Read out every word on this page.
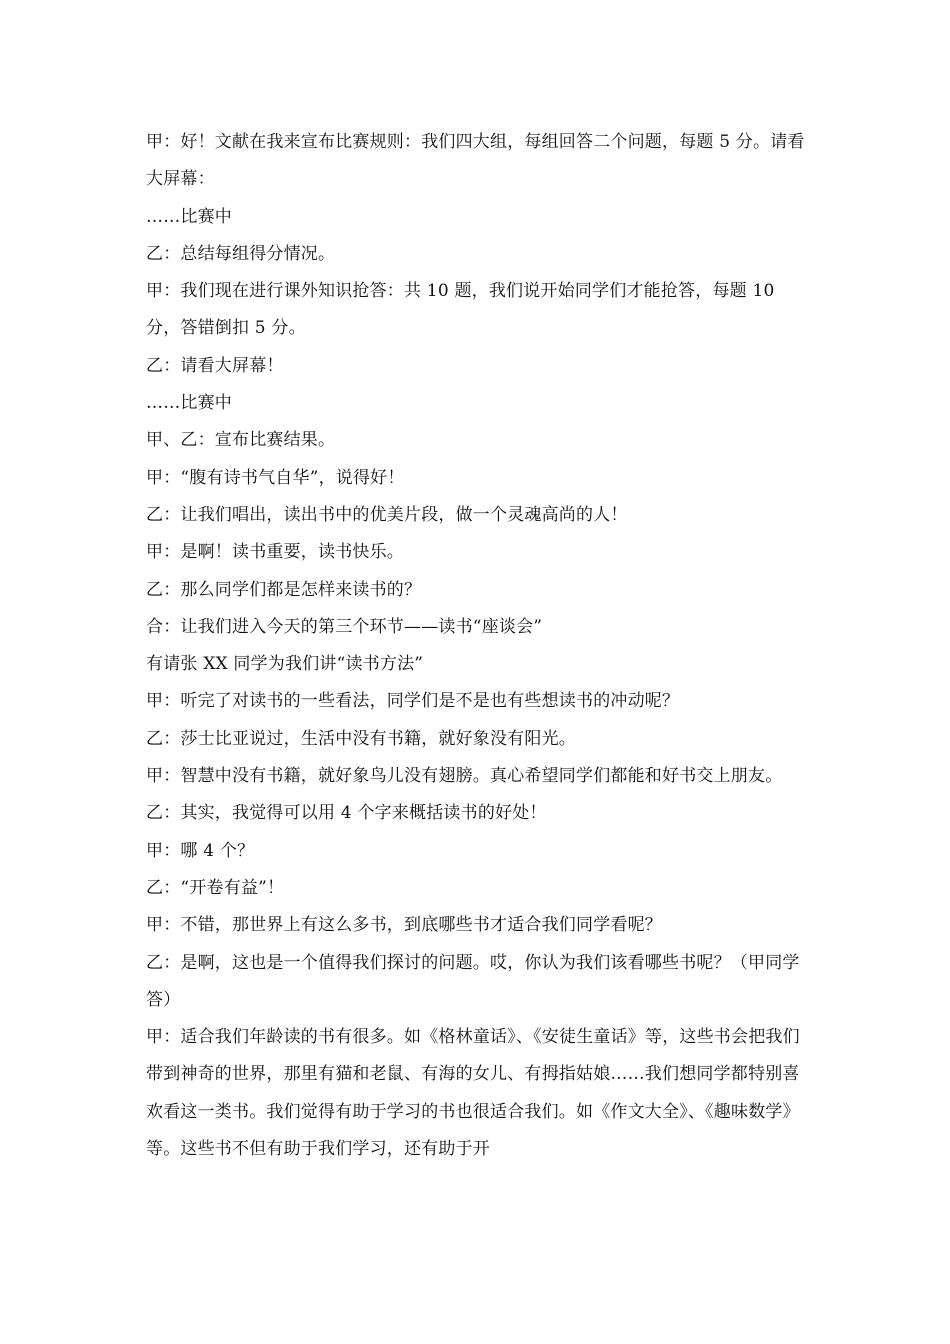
甲：好！文献在我来宣布比赛规则：我们四大组，每组回答二个问题，每题 5 分。请看大屏幕：

……比赛中

乙：总结每组得分情况。

甲：我们现在进行课外知识抢答：共 10 题，我们说开始同学们才能抢答，每题 10 分，答错倒扣 5 分。

乙：请看大屏幕！

……比赛中

甲、乙：宣布比赛结果。

甲：“腹有诗书气自华”，说得好！

乙：让我们唱出，读出书中的优美片段，做一个灵魂高尚的人！

甲：是啊！读书重要，读书快乐。

乙：那么同学们都是怎样来读书的？

合：让我们进入今天的第三个环节——读书“座谈会”

有请张 XX 同学为我们讲“读书方法”

甲：听完了对读书的一些看法，同学们是不是也有些想读书的冲动呢？

乙：莎士比亚说过，生活中没有书籍，就好象没有阳光。

甲：智慧中没有书籍，就好象鸟儿没有翅膀。真心希望同学们都能和好书交上朋友。

乙：其实，我觉得可以用 4 个字来概括读书的好处！

甲：哪 4 个？

乙：“开卷有益”！

甲：不错，那世界上有这么多书，到底哪些书才适合我们同学看呢？

乙：是啊，这也是一个值得我们探讨的问题。哎，你认为我们该看哪些书呢？（甲同学答）

甲：适合我们年龄读的书有很多。如《格林童话》、《安徒生童话》等，这些书会把我们带到神奇的世界，那里有猫和老鼠、有海的女儿、有拇指姑娘……我们想同学都特别喜欢看这一类书。我们觉得有助于学习的书也很适合我们。如《作文大全》、《趣味数学》等。这些书不但有助于我们学习，还有助于开
